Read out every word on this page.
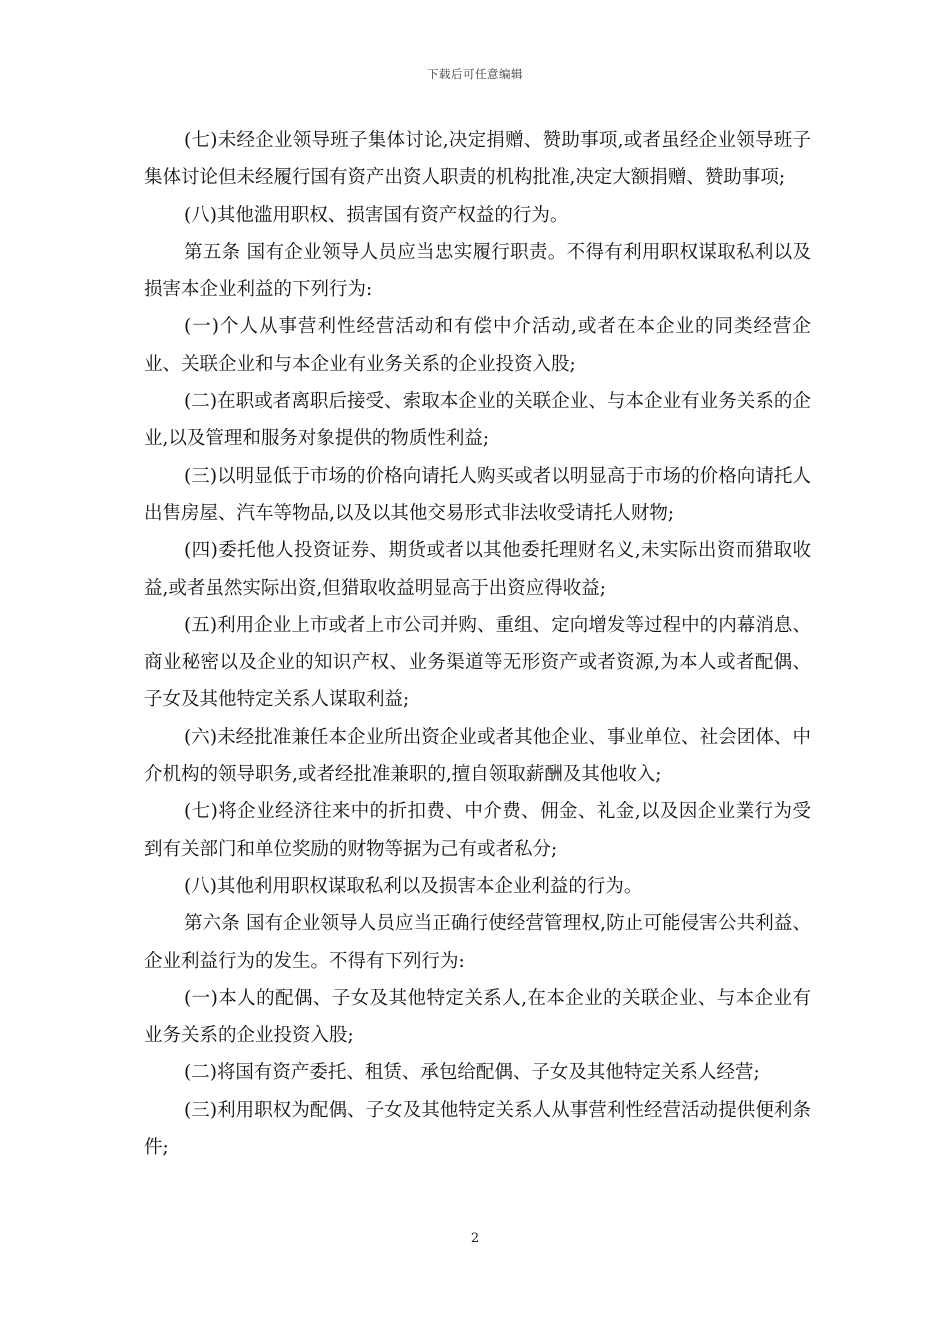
下载后可任意编辑

(七)未经企业领导班子集体讨论,决定捐赠、赞助事项,或者虽经企业领导班子集体讨论但未经履行国有资产出资人职责的机构批准,决定大额捐赠、赞助事项;

(八)其他滥用职权、损害国有资产权益的行为。

第五条 国有企业领导人员应当忠实履行职责。不得有利用职权谋取私利以及损害本企业利益的下列行为:

(一)个人从事营利性经营活动和有偿中介活动,或者在本企业的同类经营企业、关联企业和与本企业有业务关系的企业投资入股;

(二)在职或者离职后接受、索取本企业的关联企业、与本企业有业务关系的企业,以及管理和服务对象提供的物质性利益;

(三)以明显低于市场的价格向请托人购买或者以明显高于市场的价格向请托人出售房屋、汽车等物品,以及以其他交易形式非法收受请托人财物;

(四)委托他人投资证券、期货或者以其他委托理财名义,未实际出资而猎取收益,或者虽然实际出资,但猎取收益明显高于出资应得收益;

(五)利用企业上市或者上市公司并购、重组、定向增发等过程中的内幕消息、商业秘密以及企业的知识产权、业务渠道等无形资产或者资源,为本人或者配偶、子女及其他特定关系人谋取利益;

(六)未经批准兼任本企业所出资企业或者其他企业、事业单位、社会团体、中介机构的领导职务,或者经批准兼职的,擅自领取薪酬及其他收入;

(七)将企业经济往来中的折扣费、中介费、佣金、礼金,以及因企业業行为受到有关部门和单位奖励的财物等据为己有或者私分;

(八)其他利用职权谋取私利以及损害本企业利益的行为。

第六条 国有企业领导人员应当正确行使经营管理权,防止可能侵害公共利益、企业利益行为的发生。不得有下列行为:

(一)本人的配偶、子女及其他特定关系人,在本企业的关联企业、与本企业有业务关系的企业投资入股;

(二)将国有资产委托、租赁、承包给配偶、子女及其他特定关系人经营;

(三)利用职权为配偶、子女及其他特定关系人从事营利性经营活动提供便利条件;

2
